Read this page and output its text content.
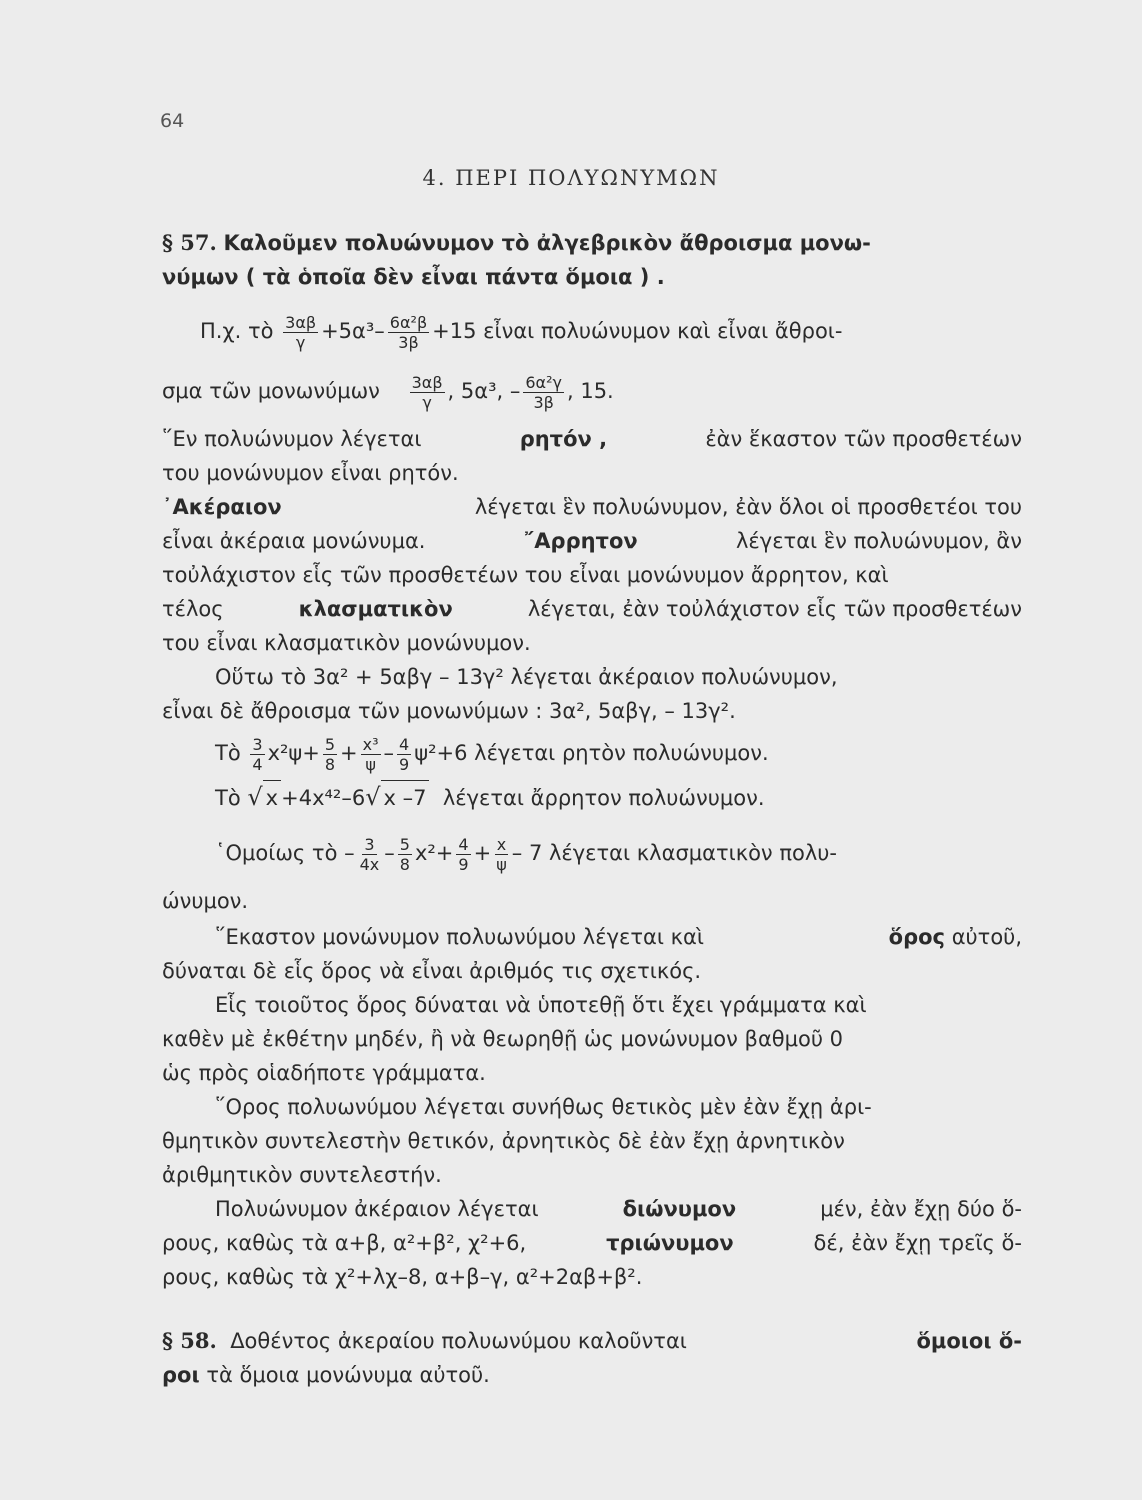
64
4. ΠΕΡΙ ΠΟΛΥΩΝΥΜΩΝ
§ 57. Καλοῦμεν πολυώνυμον τὸ ἀλγεβρικὸν ἄθροισμα μονω-
νύμων ( τὰ ὁποῖα δὲν εἶναι πάντα ὅμοια ) .
Π.χ. τὸ $\frac{3\alpha\beta}{\gamma} +5\alpha^3- \frac{\text{6α²β}}{3\beta} +15$ εἶναι πολυώνυμον καὶ εἶναι ἄθροι-
σμα τῶν μονωνύμων $\frac{3\alpha\beta}{\gamma}$ , 5α³, – $\frac{\text{6α²γ}}{3\beta}$ , 15.
῞Εν πολυώνυμον λέγεται	ρητόν ,	ἐὰν ἕκαστον τῶν προσθετέων
του μονώνυμον εἶναι ρητόν.
᾿Ακέραιον	λέγεται ἓν πολυώνυμον, ἐὰν ὅλοι οἱ προσθετέοι του
εἶναι ἀκέραια μονώνυμα.	῎Αρρητον	λέγεται ἓν πολυώνυμον, ἂν
τοὐλάχιστον εἷς τῶν προσθετέων του εἶναι μονώνυμον ἄρρητον, καὶ
τέλος	κλασματικὸν	λέγεται, ἐὰν τοὐλάχιστον εἷς τῶν προσθετέων
του εἶναι κλασματικὸν μονώνυμον.
Οὕτω τὸ 3α² + 5αβγ – 13γ² λέγεται ἀκέραιον πολυώνυμον,
εἶναι δὲ ἄθροισμα τῶν μονωνύμων : 3α², 5αβγ, – 13γ².
Τὸ $\frac{3}{4} x^2\psi+ \frac{5}{8} + \frac{\text{x³}}{\psi} - \frac{4}{9} \psi^2+6$ λέγεται ρητὸν πολυώνυμον.
Τὸ √ x +4x⁴²–6√ x –7 λέγεται ἄρρητον πολυώνυμον.
῾Ομοίως τὸ – $\frac{3}{4x} - \frac{5}{8} x^2+ \frac{4}{9} + \frac{x}{\psi} - 7$ λέγεται κλασματικὸν πολυ-
ώνυμον.
῞Εκαστον μονώνυμον πολυωνύμου λέγεται καὶ	ὅρος αὐτοῦ,
δύναται δὲ εἷς ὅρος νὰ εἶναι ἀριθμός τις σχετικός.
Εἷς τοιοῦτος ὅρος δύναται νὰ ὑποτεθῇ ὅτι ἔχει γράμματα καὶ
καθὲν μὲ ἐκθέτην μηδέν, ἢ νὰ θεωρηθῇ ὡς μονώνυμον βαθμοῦ 0
ὡς πρὸς οἱαδήποτε γράμματα.
῞Ορος πολυωνύμου λέγεται συνήθως θετικὸς μὲν ἐὰν ἔχῃ ἀρι-
θμητικὸν συντελεστὴν θετικόν, ἀρνητικὸς δὲ ἐὰν ἔχῃ ἀρνητικὸν
ἀριθμητικὸν συντελεστήν.
Πολυώνυμον ἀκέραιον λέγεται	διώνυμον	μέν, ἐὰν ἔχῃ δύο ὅ-
ρους, καθὼς τὰ α+β, α²+β², χ²+6,	τριώνυμον	δέ, ἐὰν ἔχῃ τρεῖς ὅ-
ρους, καθὼς τὰ χ²+λχ–8, α+β–γ, α²+2αβ+β².
§ 58. Δοθέντος ἀκεραίου πολυωνύμου καλοῦνται	ὅμοιοι ὅ-
ροι τὰ ὅμοια μονώνυμα αὐτοῦ.
